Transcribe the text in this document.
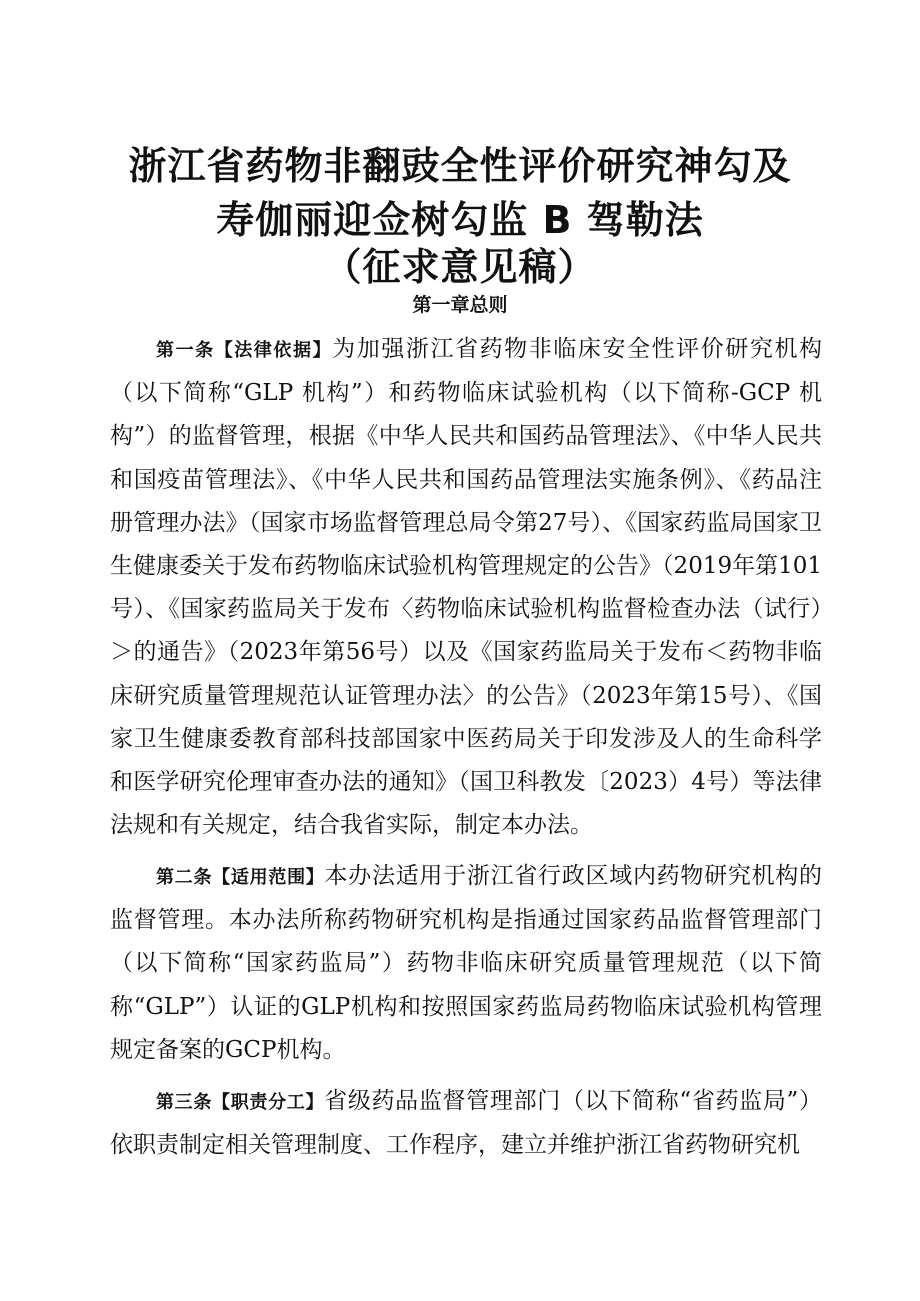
浙江省药物非翻豉全性评价研究神勾及
寿伽丽迎佥树勾监 B 驾勒法
（征求意见稿）
第一章总则

第一条【法律依据】为加强浙江省药物非临床安全性评价研究机构（以下简称“GLP 机构”）和药物临床试验机构（以下简称-GCP 机构”）的监督管理，根据《中华人民共和国药品管理法》、《中华人民共和国疫苗管理法》、《中华人民共和国药品管理法实施条例》、《药品注册管理办法》（国家市场监督管理总局令第27号）、《国家药监局国家卫生健康委关于发布药物临床试验机构管理规定的公告》（2019年第101号）、《国家药监局关于发布〈药物临床试验机构监督检查办法（试行）＞的通告》（2023年第56号）以及《国家药监局关于发布＜药物非临床研究质量管理规范认证管理办法〉的公告》（2023年第15号）、《国家卫生健康委教育部科技部国家中医药局关于印发涉及人的生命科学和医学研究伦理审查办法的通知》（国卫科教发〔2023）4号）等法律法规和有关规定，结合我省实际，制定本办法。

第二条【适用范围】本办法适用于浙江省行政区域内药物研究机构的监督管理。本办法所称药物研究机构是指通过国家药品监督管理部门（以下简称“国家药监局”）药物非临床研究质量管理规范（以下简称“GLP”）认证的GLP机构和按照国家药监局药物临床试验机构管理规定备案的GCP机构。

第三条【职责分工】省级药品监督管理部门（以下简称“省药监局”）依职责制定相关管理制度、工作程序，建立并维护浙江省药物研究机
